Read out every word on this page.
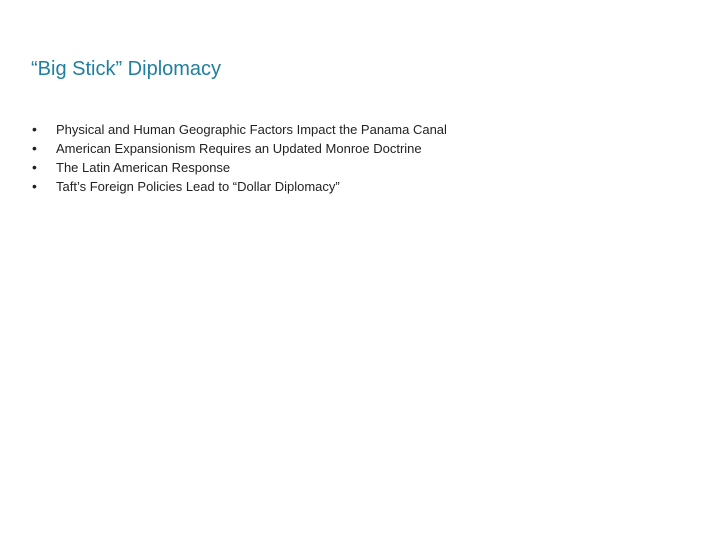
“Big Stick” Diplomacy
•	Physical and Human Geographic Factors Impact the Panama Canal
•	American Expansionism Requires an Updated Monroe Doctrine
•	The Latin American Response
•	Taft’s Foreign Policies Lead to “Dollar Diplomacy”
